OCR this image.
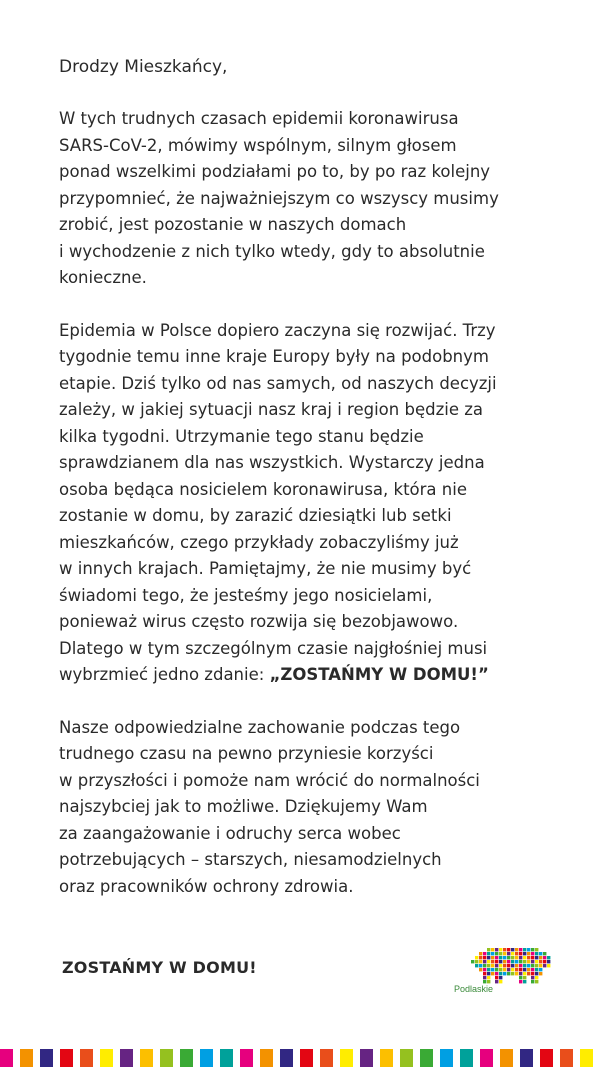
Drodzy Mieszkańcy,

W tych trudnych czasach epidemii koronawirusa
SARS-CoV-2, mówimy wspólnym, silnym głosem
ponad wszelkimi podziałami po to, by po raz kolejny
przypomnieć, że najważniejszym co wszyscy musimy
zrobić, jest pozostanie w naszych domach
i wychodzenie z nich tylko wtedy, gdy to absolutnie
konieczne.

Epidemia w Polsce dopiero zaczyna się rozwijać. Trzy
tygodnie temu inne kraje Europy były na podobnym
etapie. Dziś tylko od nas samych, od naszych decyzji
zależy, w jakiej sytuacji nasz kraj i region będzie za
kilka tygodni. Utrzymanie tego stanu będzie
sprawdzianem dla nas wszystkich. Wystarczy jedna
osoba będąca nosicielem koronawirusa, która nie
zostanie w domu, by zarazić dziesiątki lub setki
mieszkańców, czego przykłady zobaczyliśmy już
w innych krajach. Pamiętajmy, że nie musimy być
świadomi tego, że jesteśmy jego nosicielami,
ponieważ wirus często rozwija się bezobjawowo.
Dlatego w tym szczególnym czasie najgłośniej musi
wybrzmieć jedno zdanie: „ZOSTAŃMY W DOMU!”

Nasze odpowiedzialne zachowanie podczas tego
trudnego czasu na pewno przyniesie korzyści
w przyszłości i pomoże nam wrócić do normalności
najszybciej jak to możliwe. Dziękujemy Wam
za zaangażowanie i odruchy serca wobec
potrzebujących – starszych, niesamodzielnych
oraz pracowników ochrony zdrowia.

ZOSTAŃMY W DOMU!
Podlaskie
